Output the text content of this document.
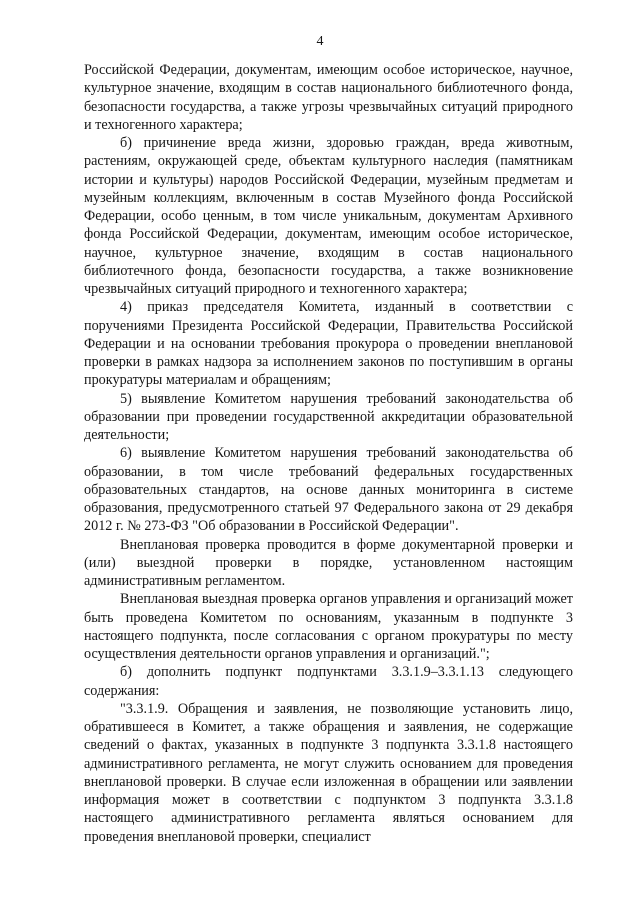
4

Российской Федерации, документам, имеющим особое историческое, научное, культурное значение, входящим в состав национального библиотечного фонда, безопасности государства, а также угрозы чрезвычайных ситуаций природного и техногенного характера;

б) причинение вреда жизни, здоровью граждан, вреда животным, растениям, окружающей среде, объектам культурного наследия (памятникам истории и культуры) народов Российской Федерации, музейным предметам и музейным коллекциям, включенным в состав Музейного фонда Российской Федерации, особо ценным, в том числе уникальным, документам Архивного фонда Российской Федерации, документам, имеющим особое историческое, научное, культурное значение, входящим в состав национального библиотечного фонда, безопасности государства, а также возникновение чрезвычайных ситуаций природного и техногенного характера;

4) приказ председателя Комитета, изданный в соответствии с поручениями Президента Российской Федерации, Правительства Российской Федерации и на основании требования прокурора о проведении внеплановой проверки в рамках надзора за исполнением законов по поступившим в органы прокуратуры материалам и обращениям;

5) выявление Комитетом нарушения требований законодательства об образовании при проведении государственной аккредитации образовательной деятельности;

6) выявление Комитетом нарушения требований законодательства об образовании, в том числе требований федеральных государственных образовательных стандартов, на основе данных мониторинга в системе образования, предусмотренного статьей 97 Федерального закона от 29 декабря 2012 г. № 273-ФЗ "Об образовании в Российской Федерации".

Внеплановая проверка проводится в форме документарной проверки и (или) выездной проверки в порядке, установленном настоящим административным регламентом.

Внеплановая выездная проверка органов управления и организаций может быть проведена Комитетом по основаниям, указанным в подпункте 3 настоящего подпункта, после согласования с органом прокуратуры по месту осуществления деятельности органов управления и организаций.";

б) дополнить подпункт подпунктами 3.3.1.9–3.3.1.13 следующего содержания:

"3.3.1.9. Обращения и заявления, не позволяющие установить лицо, обратившееся в Комитет, а также обращения и заявления, не содержащие сведений о фактах, указанных в подпункте 3 подпункта 3.3.1.8 настоящего административного регламента, не могут служить основанием для проведения внеплановой проверки. В случае если изложенная в обращении или заявлении информация может в соответствии с подпунктом 3 подпункта 3.3.1.8 настоящего административного регламента являться основанием для проведения внеплановой проверки, специалист
